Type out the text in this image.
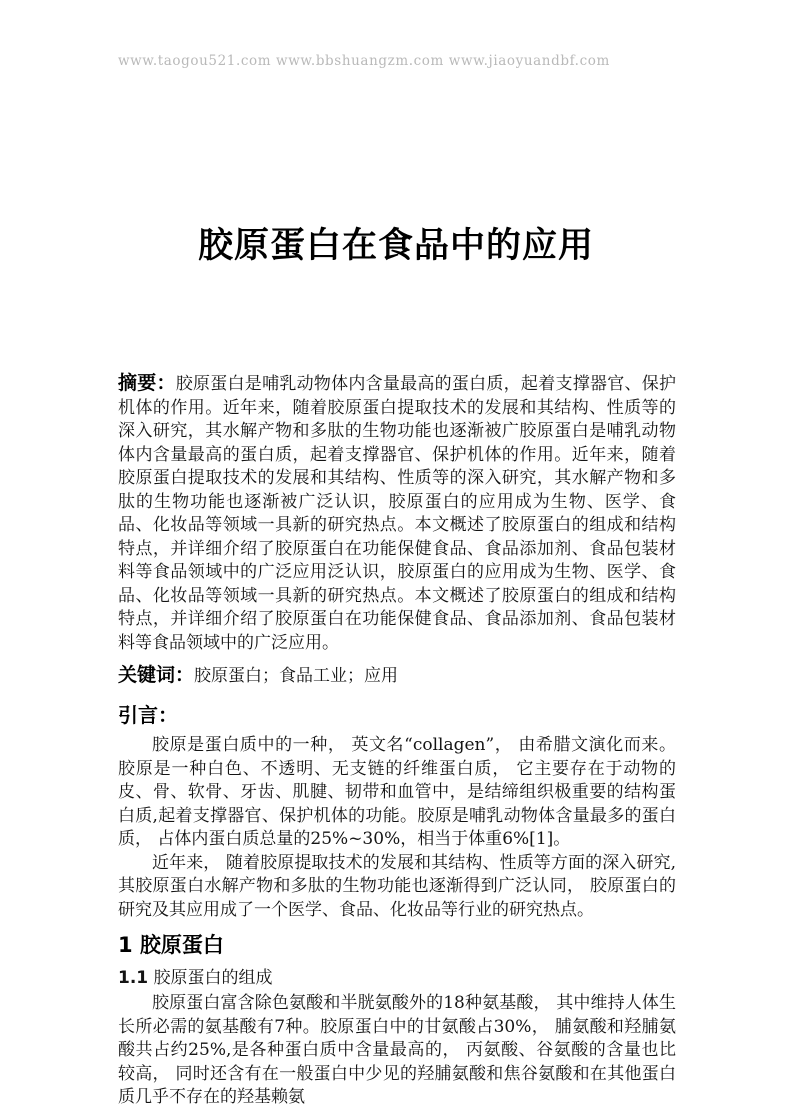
www.taogou521.com www.bbshuangzm.com www.jiaoyuandbf.com
胶原蛋白在食品中的应用

摘要：胶原蛋白是哺乳动物体内含量最高的蛋白质，起着支撑器官、保护机体的作用。近年来，随着胶原蛋白提取技术的发展和其结构、性质等的深入研究，其水解产物和多肽的生物功能也逐渐被广胶原蛋白是哺乳动物体内含量最高的蛋白质，起着支撑器官、保护机体的作用。近年来，随着胶原蛋白提取技术的发展和其结构、性质等的深入研究，其水解产物和多肽的生物功能也逐渐被广泛认识，胶原蛋白的应用成为生物、医学、食品、化妆品等领域一具新的研究热点。本文概述了胶原蛋白的组成和结构特点，并详细介绍了胶原蛋白在功能保健食品、食品添加剂、食品包装材料等食品领域中的广泛应用泛认识，胶原蛋白的应用成为生物、医学、食品、化妆品等领域一具新的研究热点。本文概述了胶原蛋白的组成和结构特点，并详细介绍了胶原蛋白在功能保健食品、食品添加剂、食品包装材料等食品领域中的广泛应用。

关键词：胶原蛋白；食品工业；应用

引言：

胶原是蛋白质中的一种， 英文名“collagen”， 由希腊文演化而来。胶原是一种白色、不透明、无支链的纤维蛋白质， 它主要存在于动物的皮、骨、软骨、牙齿、肌腱、韧带和血管中，是结缔组织极重要的结构蛋白质,起着支撑器官、保护机体的功能。胶原是哺乳动物体含量最多的蛋白质， 占体内蛋白质总量的25%~30%，相当于体重6%[1]。

近年来， 随着胶原提取技术的发展和其结构、性质等方面的深入研究,其胶原蛋白水解产物和多肽的生物功能也逐渐得到广泛认同， 胶原蛋白的研究及其应用成了一个医学、食品、化妆品等行业的研究热点。

1 胶原蛋白
1.1 胶原蛋白的组成

胶原蛋白富含除色氨酸和半胱氨酸外的18种氨基酸， 其中维持人体生长所必需的氨基酸有7种。胶原蛋白中的甘氨酸占30%， 脯氨酸和羟脯氨酸共占约25%,是各种蛋白质中含量最高的， 丙氨酸、谷氨酸的含量也比较高， 同时还含有在一般蛋白中少见的羟脯氨酸和焦谷氨酸和在其他蛋白质几乎不存在的羟基赖氨
